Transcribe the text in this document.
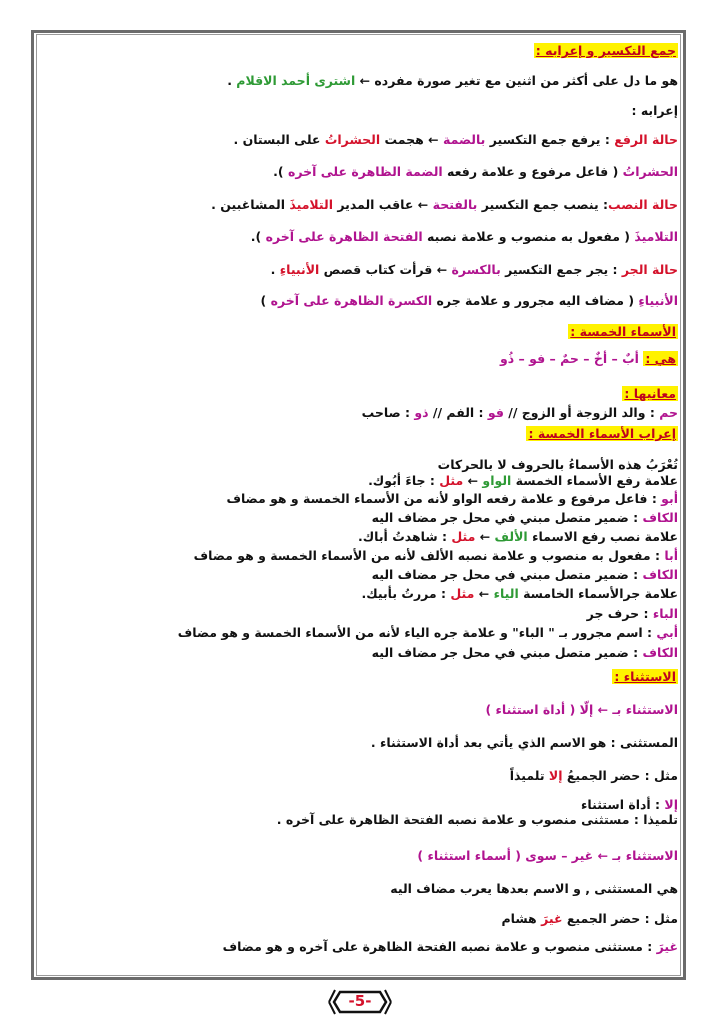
جمع التكسير و إعرابه :
هو ما دل على أكثر من اثنين مع تغير صورة مفرده ← اشترى أحمد الاقلام .
إعرابه :
حالة الرفع : يرفع جمع التكسير بالضمة ← هجمت الحشراتُ على البستان .
الحشراتُ ( فاعل مرفوع و علامة رفعه الضمة الظاهرة على آخره ).
حالة النصب: ينصب جمع التكسير بالفتحة ← عاقب المدير التلاميذَ المشاغبين .
التلاميذَ ( مفعول به منصوب و علامة نصبه الفتحة الظاهرة على آخره ).
حالة الجر : يجر جمع التكسير بالكسرة ← قرأت كتاب قصص الأنبياءِ .
الأنبياءِ ( مضاف اليه مجرور و علامة جره الكسرة الظاهرة على آخره )
الأسماء الخمسة :
هي : أبٌ – أخٌ – حمٌ – فو – ذُو
معانيها :
حم : والد الزوجة أو الزوج // فو : الفم // ذو : صاحب
إعراب الأسماء الخمسة :
تُعْرَبُ هذه الأسماءُ بالحروف لا بالحركات
علامة رفع الأسماء الخمسة الواو ← مثل : جاءَ أبُوك.
أبو : فاعل مرفوع و علامة رفعه الواو لأنه من الأسماء الخمسة و هو مضاف
الكاف : ضمير متصل مبني في محل جر مضاف اليه
علامة نصب رفع الاسماء الألف ← مثل : شاهدتُ أباك.
أبا : مفعول به منصوب و علامة نصبه الألف لأنه من الأسماء الخمسة و هو مضاف
الكاف : ضمير متصل مبني في محل جر مضاف اليه
علامة جرالأسماء الخامسة الياء ← مثل : مررتُ بأبيك.
الباء : حرف جر
أبي : اسم مجرور بـ " الباء" و علامة جره الياء لأنه من الأسماء الخمسة و هو مضاف
الكاف : ضمير متصل مبني في محل جر مضاف اليه
الاستثناء :
الاستثناء بـ ← إلّا ( أداة استثناء )
المستثنى : هو الاسم الذي يأتي بعد أداة الاستثناء .
مثل : حضر الجميعُ إلا تلميذاً
إلا : أداة استثناء
تلميذا : مستثنى منصوب و علامة نصبه الفتحة الظاهرة على آخره .
الاستثناء بـ ← غير – سوى ( أسماء استثناء )
هي المستثنى , و الاسم بعدها يعرب مضاف اليه
مثل : حضر الجميع غيرَ هشام
غيرَ : مستثنى منصوب و علامة نصبه الفتحة الظاهرة على آخره و هو مضاف
-5-
